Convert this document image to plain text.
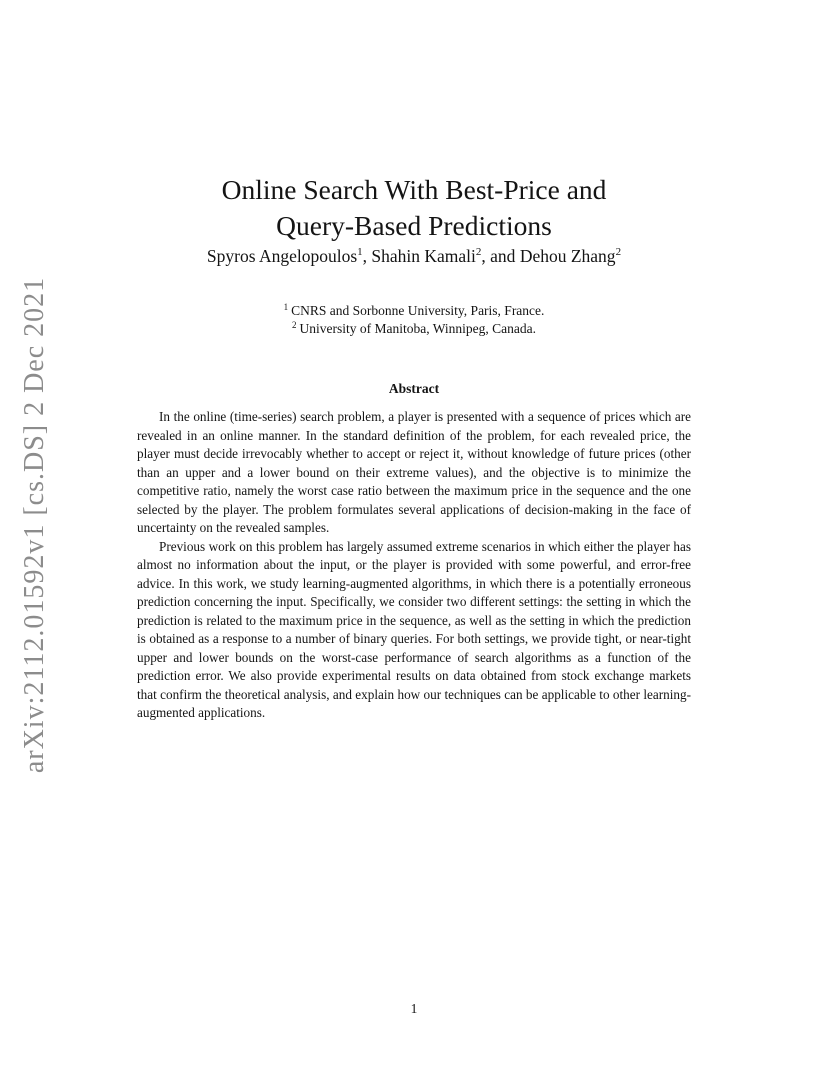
arXiv:2112.01592v1 [cs.DS] 2 Dec 2021
Online Search With Best-Price and
Query-Based Predictions
Spyros Angelopoulos$^1$, Shahin Kamali$^2$, and Dehou Zhang$^2$
$^1$ CNRS and Sorbonne University, Paris, France.
$^2$ University of Manitoba, Winnipeg, Canada.
Abstract

In the online (time-series) search problem, a player is presented with a sequence of prices which are revealed in an online manner. In the standard definition of the problem, for each revealed price, the player must decide irrevocably whether to accept or reject it, without knowledge of future prices (other than an upper and a lower bound on their extreme values), and the objective is to minimize the competitive ratio, namely the worst case ratio between the maximum price in the sequence and the one selected by the player. The problem formulates several applications of decision-making in the face of uncertainty on the revealed samples.

Previous work on this problem has largely assumed extreme scenarios in which either the player has almost no information about the input, or the player is provided with some powerful, and error-free advice. In this work, we study learning-augmented algorithms, in which there is a potentially erroneous prediction concerning the input. Specifically, we consider two different settings: the setting in which the prediction is related to the maximum price in the sequence, as well as the setting in which the prediction is obtained as a response to a number of binary queries. For both settings, we provide tight, or near-tight upper and lower bounds on the worst-case performance of search algorithms as a function of the prediction error. We also provide experimental results on data obtained from stock exchange markets that confirm the theoretical analysis, and explain how our techniques can be applicable to other learning-augmented applications.

1
